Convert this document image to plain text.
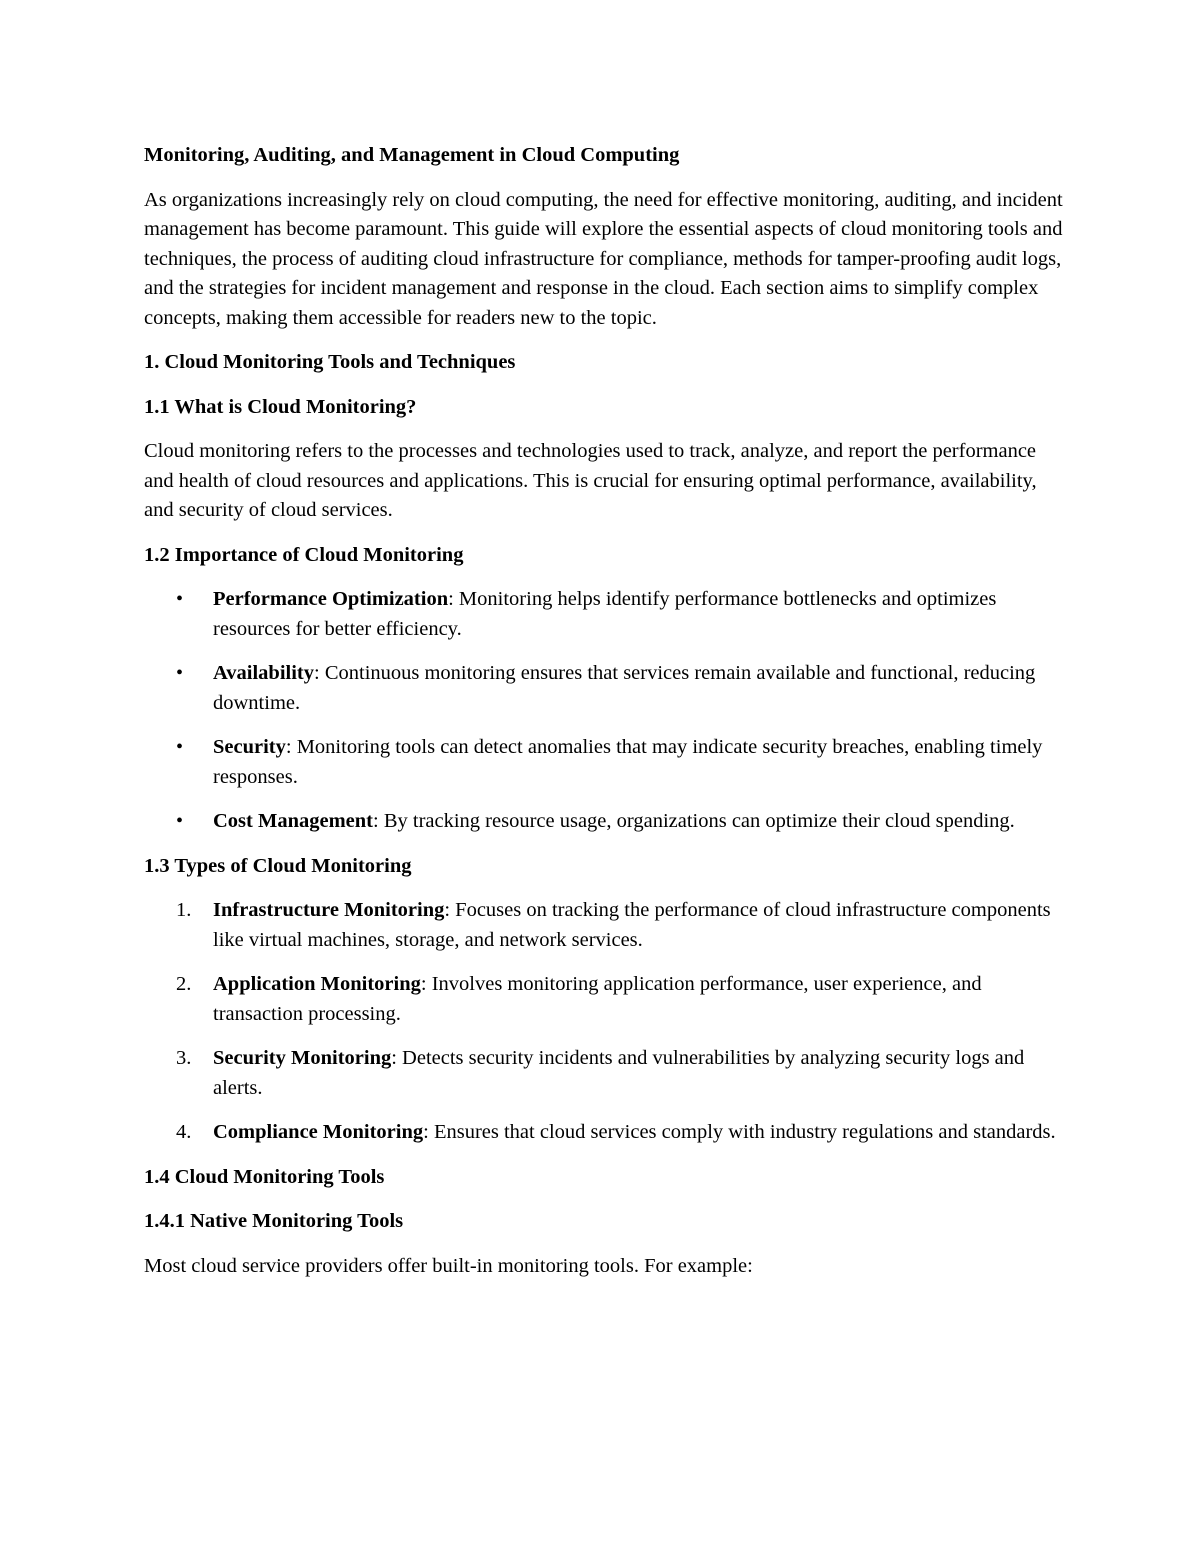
Monitoring, Auditing, and Management in Cloud Computing

As organizations increasingly rely on cloud computing, the need for effective monitoring, auditing, and incident management has become paramount. This guide will explore the essential aspects of cloud monitoring tools and techniques, the process of auditing cloud infrastructure for compliance, methods for tamper-proofing audit logs, and the strategies for incident management and response in the cloud. Each section aims to simplify complex concepts, making them accessible for readers new to the topic.

1. Cloud Monitoring Tools and Techniques
1.1 What is Cloud Monitoring?

Cloud monitoring refers to the processes and technologies used to track, analyze, and report the performance and health of cloud resources and applications. This is crucial for ensuring optimal performance, availability, and security of cloud services.

1.2 Importance of Cloud Monitoring
• Performance Optimization: Monitoring helps identify performance bottlenecks and optimizes resources for better efficiency.
• Availability: Continuous monitoring ensures that services remain available and functional, reducing downtime.
• Security: Monitoring tools can detect anomalies that may indicate security breaches, enabling timely responses.
• Cost Management: By tracking resource usage, organizations can optimize their cloud spending.
1.3 Types of Cloud Monitoring
1. Infrastructure Monitoring: Focuses on tracking the performance of cloud infrastructure components like virtual machines, storage, and network services.
2. Application Monitoring: Involves monitoring application performance, user experience, and transaction processing.
3. Security Monitoring: Detects security incidents and vulnerabilities by analyzing security logs and alerts.
4. Compliance Monitoring: Ensures that cloud services comply with industry regulations and standards.
1.4 Cloud Monitoring Tools
1.4.1 Native Monitoring Tools

Most cloud service providers offer built-in monitoring tools. For example:
